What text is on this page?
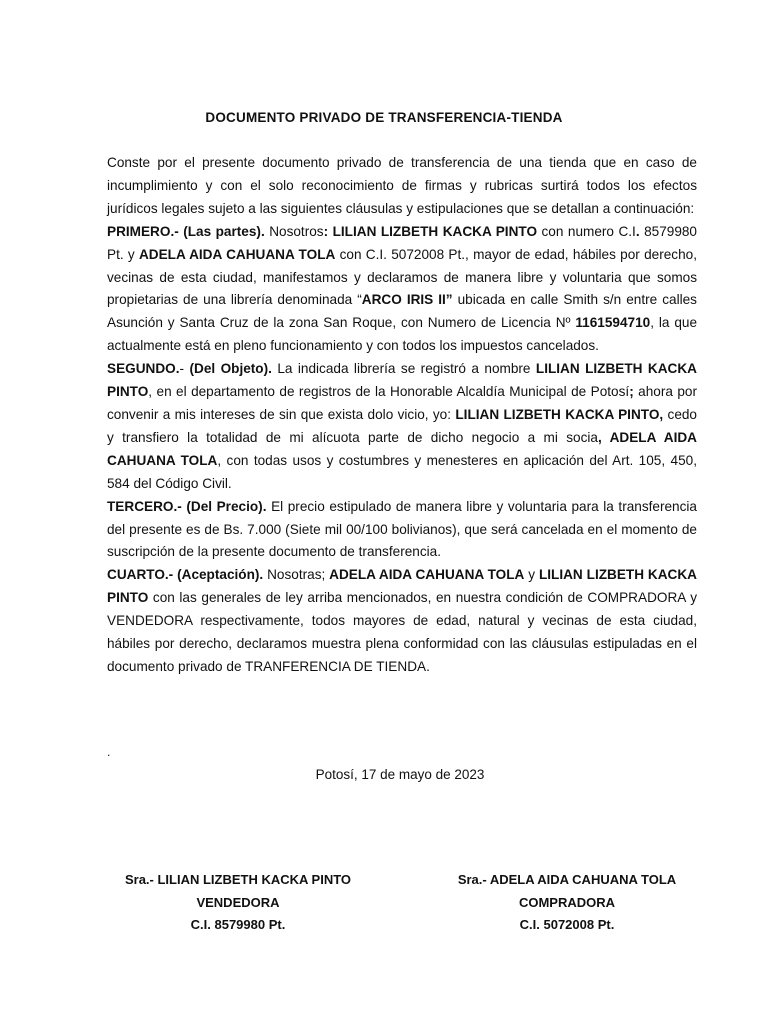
DOCUMENTO PRIVADO DE TRANSFERENCIA-TIENDA

Conste por el presente documento privado de transferencia de una tienda que en caso de incumplimiento y con el solo reconocimiento de firmas y rubricas surtirá todos los efectos jurídicos legales sujeto a las siguientes cláusulas y estipulaciones que se detallan a continuación:

PRIMERO.- (Las partes). Nosotros: LILIAN LIZBETH KACKA PINTO con numero C.I. 8579980 Pt. y ADELA AIDA CAHUANA TOLA con C.I. 5072008 Pt., mayor de edad, hábiles por derecho, vecinas de esta ciudad, manifestamos y declaramos de manera libre y voluntaria que somos propietarias de una librería denominada “ARCO IRIS II” ubicada en calle Smith s/n entre calles Asunción y Santa Cruz de la zona San Roque, con Numero de Licencia Nº 1161594710, la que actualmente está en pleno funcionamiento y con todos los impuestos cancelados.

SEGUNDO.- (Del Objeto). La indicada librería se registró a nombre LILIAN LIZBETH KACKA PINTO, en el departamento de registros de la Honorable Alcaldía Municipal de Potosí; ahora por convenir a mis intereses de sin que exista dolo vicio, yo: LILIAN LIZBETH KACKA PINTO, cedo y transfiero la totalidad de mi alícuota parte de dicho negocio a mi socia, ADELA AIDA CAHUANA TOLA, con todas usos y costumbres y menesteres en aplicación del Art. 105, 450, 584 del Código Civil.

TERCERO.- (Del Precio). El precio estipulado de manera libre y voluntaria para la transferencia del presente es de Bs. 7.000 (Siete mil 00/100 bolivianos), que será cancelada en el momento de suscripción de la presente documento de transferencia.

CUARTO.- (Aceptación). Nosotras; ADELA AIDA CAHUANA TOLA y LILIAN LIZBETH KACKA PINTO con las generales de ley arriba mencionados, en nuestra condición de COMPRADORA y VENDEDORA respectivamente, todos mayores de edad, natural y vecinas de esta ciudad, hábiles por derecho, declaramos muestra plena conformidad con las cláusulas estipuladas en el documento privado de TRANFERENCIA DE TIENDA.

.
Potosí, 17 de mayo de 2023
Sra.- LILIAN LIZBETH KACKA PINTO
VENDEDORA
C.I. 8579980 Pt.
Sra.- ADELA AIDA CAHUANA TOLA
COMPRADORA
C.I. 5072008 Pt.
